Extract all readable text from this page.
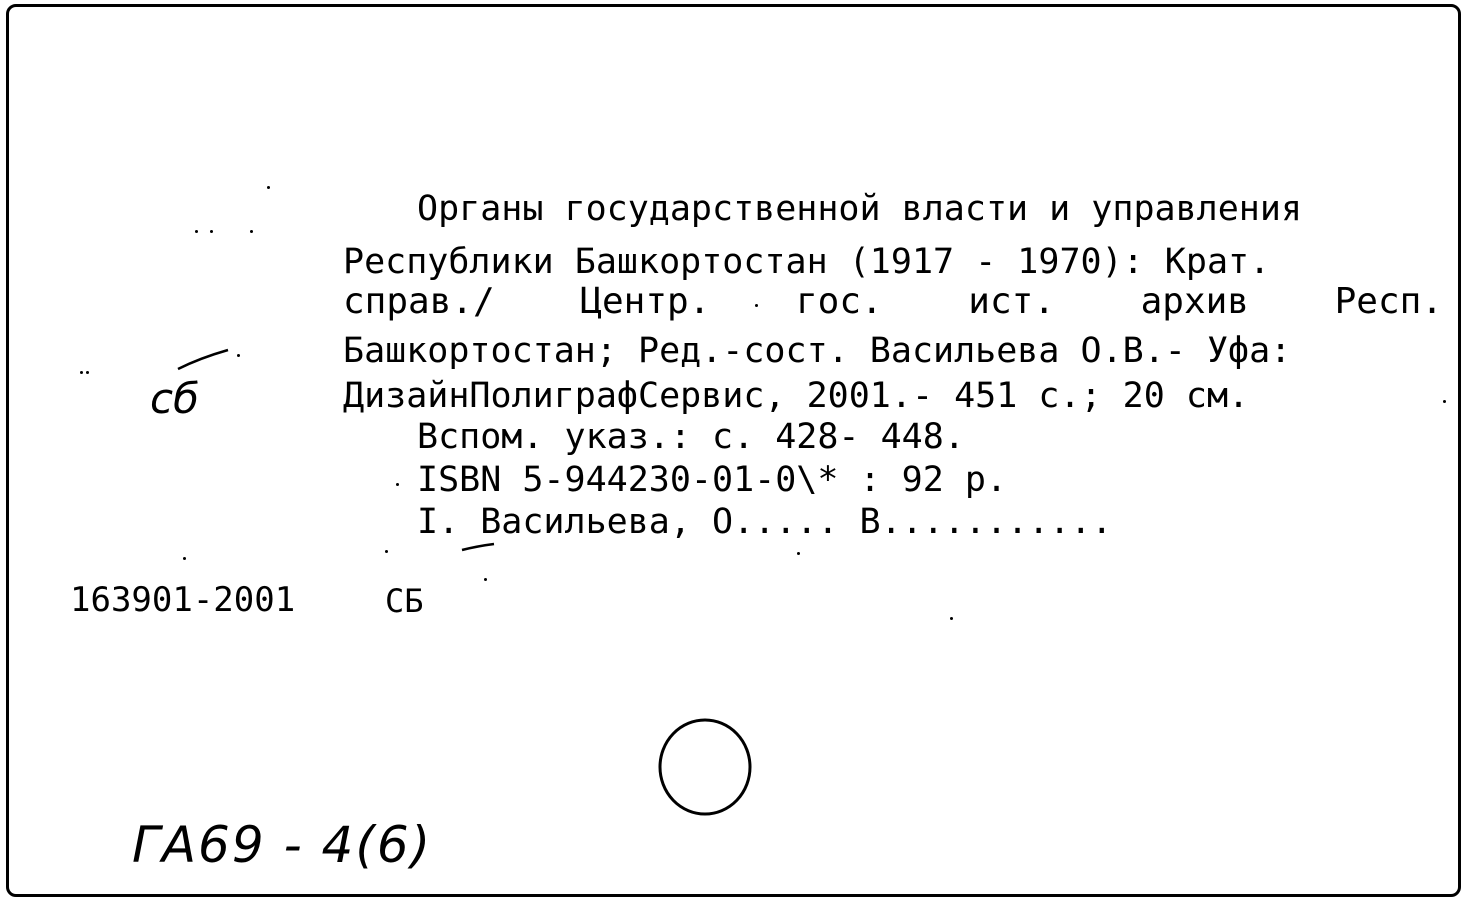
Органы государственной власти и управления
Республики Башкортостан (1917 - 1970): Крат.
справ./ Центр. гос. ист. архив Респ.
Башкортостан; Ред.-сост. Васильева О.В.- Уфа:
ДизайнПолиграфСервис, 2001.- 451 с.; 20 см.
Вспом. указ.: с. 428- 448.
ISBN 5-944230-01-0\* : 92 р.
I. Васильева, О..... В...........
163901-2001	СБ
сб
ГА69 - 4(6)
